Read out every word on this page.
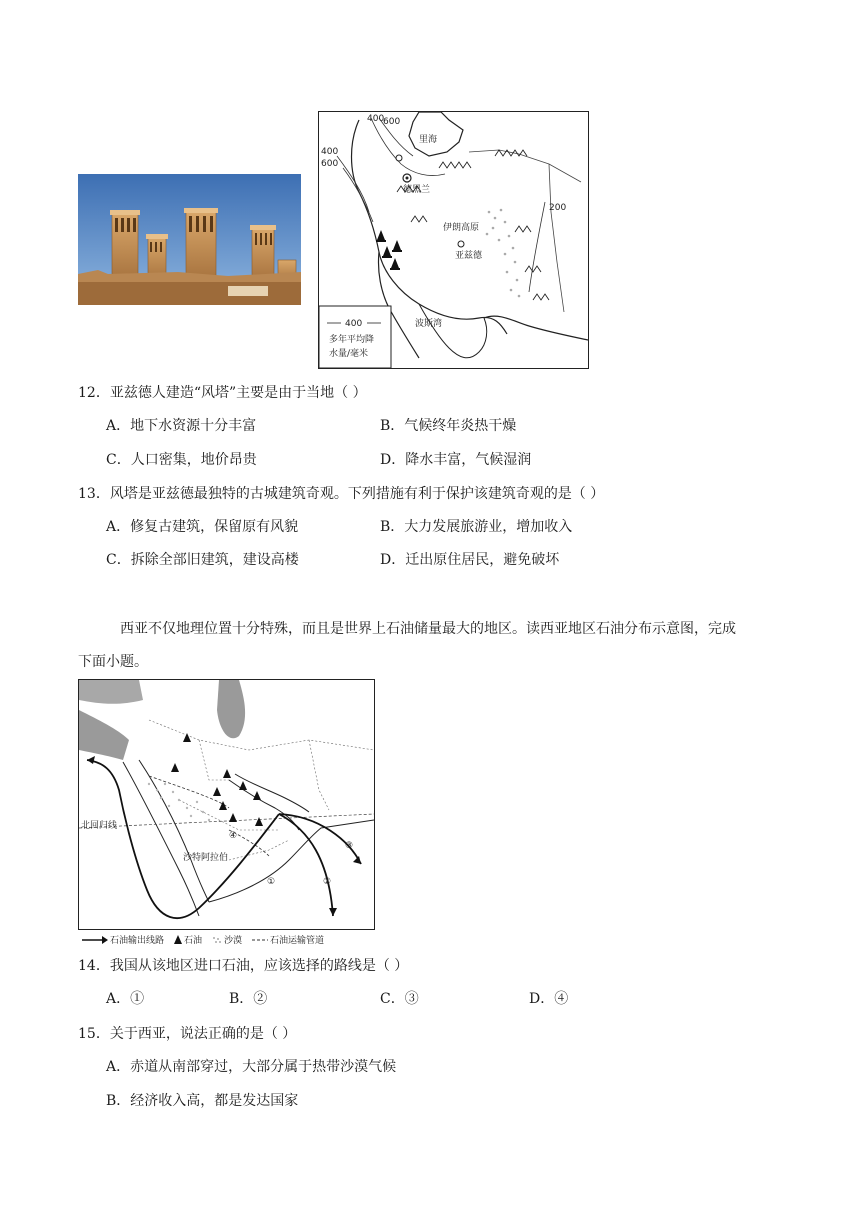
里海
德黑兰
伊朗高原
亚兹德
波斯湾
400
600
400
600
200
400
多年平均降
水量/毫米
12．亚兹德人建造“风塔”主要是由于当地（ ）
A．地下水资源十分丰富	B．气候终年炎热干燥
C．人口密集，地价昂贵	D．降水丰富，气候湿润
13．风塔是亚兹德最独特的古城建筑奇观。下列措施有利于保护该建筑奇观的是（ ）
A．修复古建筑，保留原有风貌	B．大力发展旅游业，增加收入
C．拆除全部旧建筑，建设高楼	D．迁出原住居民，避免破坏
西亚不仅地理位置十分特殊，而且是世界上石油储量最大的地区。读西亚地区石油分布示意图，完成
下面小题。
北回归线
沙特阿拉伯
①	②
③
④
石油输出线路 石油 沙漠	石油运输管道
14．我国从该地区进口石油，应该选择的路线是（ ）
A．①	B．②	C．③	D．④
15．关于西亚，说法正确的是（ ）
A．赤道从南部穿过，大部分属于热带沙漠气候
B．经济收入高，都是发达国家
